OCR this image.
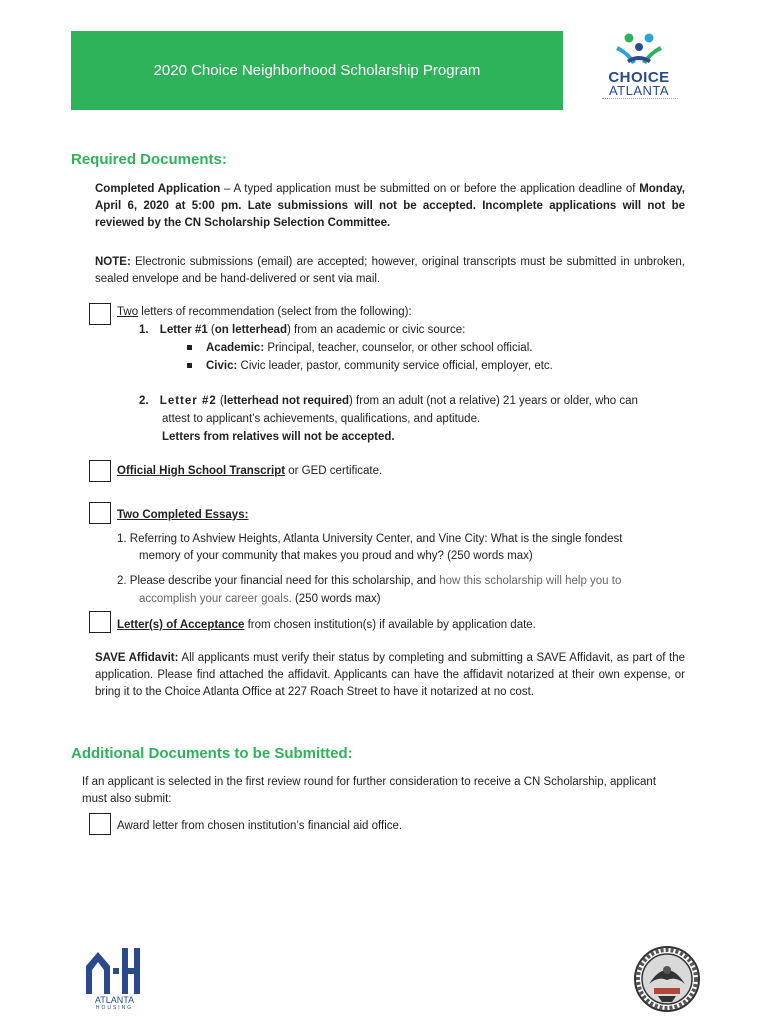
2020 Choice Neighborhood Scholarship Program	CHOICE
ATLANTA
Required Documents:
Completed Application – A typed application must be submitted on or before the application deadline of Monday, April 6, 2020 at 5:00 pm. Late submissions will not be accepted. Incomplete applications will not be reviewed by the CN Scholarship Selection Committee.
NOTE: Electronic submissions (email) are accepted; however, original transcripts must be submitted in unbroken, sealed envelope and be hand-delivered or sent via mail.
Two letters of recommendation (select from the following):
1. Letter #1 (on letterhead) from an academic or civic source:
Academic: Principal, teacher, counselor, or other school official.
Civic: Civic leader, pastor, community service official, employer, etc.
2. Letter #2 (letterhead not required) from an adult (not a relative) 21 years or older, who can
attest to applicant’s achievements, qualifications, and aptitude.
Letters from relatives will not be accepted.
Official High School Transcript or GED certificate.
Two Completed Essays:
1. Referring to Ashview Heights, Atlanta University Center, and Vine City: What is the single fondest
memory of your community that makes you proud and why? (250 words max)
2. Please describe your financial need for this scholarship, and how this scholarship will help you to
accomplish your career goals. (250 words max)
Letter(s) of Acceptance from chosen institution(s) if available by application date.
SAVE Affidavit: All applicants must verify their status by completing and submitting a SAVE Affidavit, as part of the application. Please find attached the affidavit. Applicants can have the affidavit notarized at their own expense, or bring it to the Choice Atlanta Office at 227 Roach Street to have it notarized at no cost.
Additional Documents to be Submitted:
If an applicant is selected in the first review round for further consideration to receive a CN Scholarship, applicant must also submit:
Award letter from chosen institution’s financial aid office.
ATLANTA
HOUSING
